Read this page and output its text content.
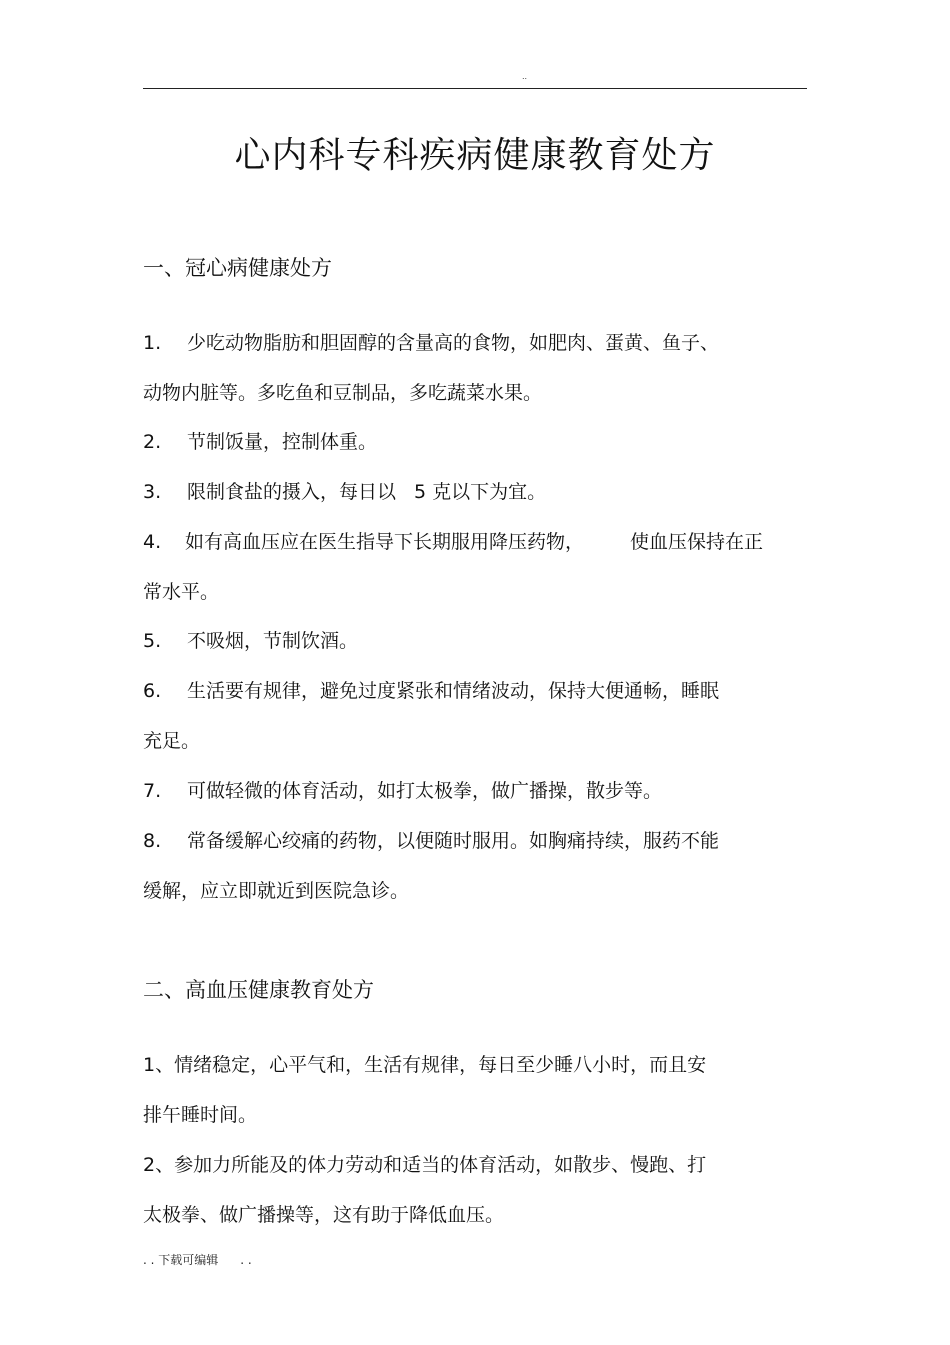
..
心内科专科疾病健康教育处方
一、冠心病健康处方
1. 少吃动物脂肪和胆固醇的含量高的食物，如肥肉、蛋黄、鱼子、
动物内脏等。多吃鱼和豆制品，多吃蔬菜水果。
2. 节制饭量，控制体重。
3. 限制食盐的摄入，每日以 5 克以下为宜。
4. 如有高血压应在医生指导下长期服用降压药物， 使血压保持在正
常水平。
5. 不吸烟，节制饮酒。
6. 生活要有规律，避免过度紧张和情绪波动，保持大便通畅，睡眠
充足。
7. 可做轻微的体育活动，如打太极拳，做广播操，散步等。
8. 常备缓解心绞痛的药物，以便随时服用。如胸痛持续，服药不能
缓解，应立即就近到医院急诊。
二、高血压健康教育处方
1、情绪稳定，心平气和，生活有规律，每日至少睡八小时，而且安
排午睡时间。
2、参加力所能及的体力劳动和适当的体育活动，如散步、慢跑、打
太极拳、做广播操等，这有助于降低血压。
. . 下载可编辑 . .
